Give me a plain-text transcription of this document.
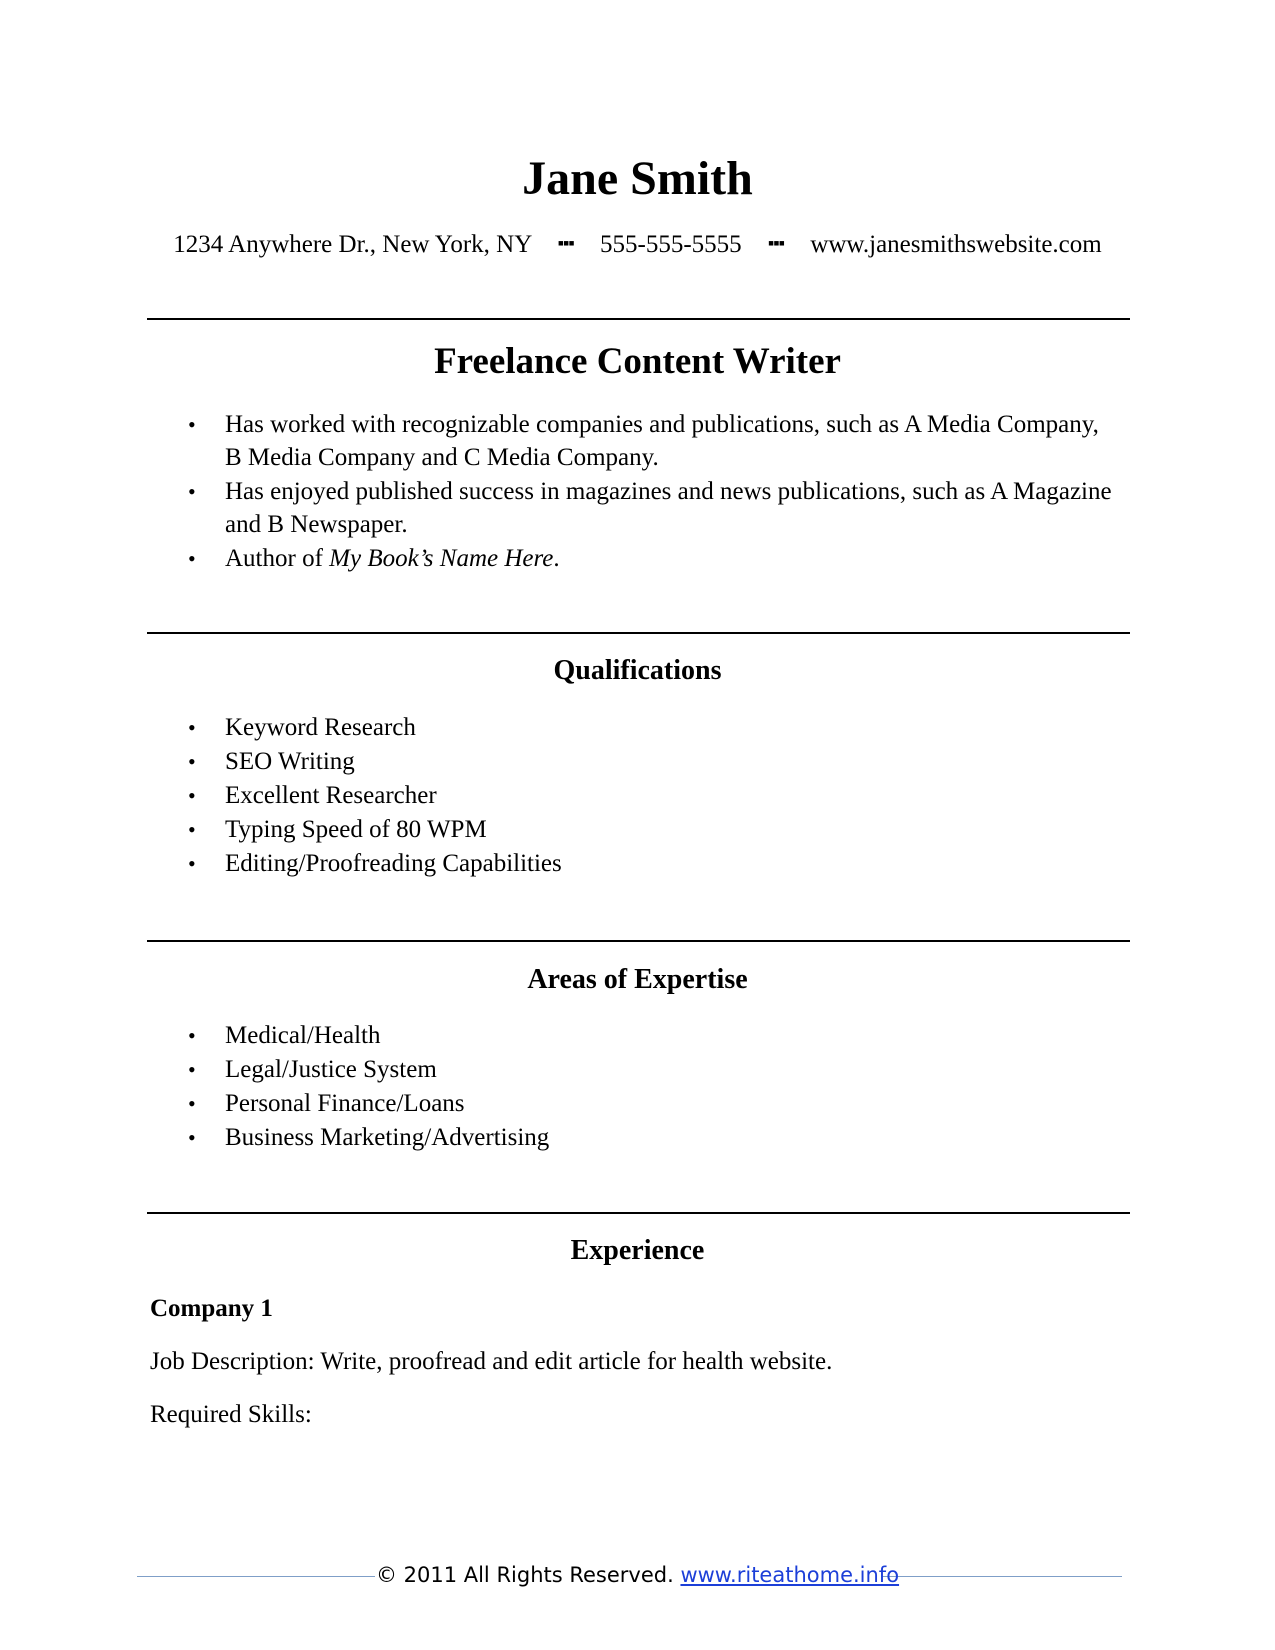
Jane Smith
1234 Anywhere Dr., New York, NY ▪▪▪ 555-555-5555 ▪▪▪ www.janesmithswebsite.com
Freelance Content Writer
• Has worked with recognizable companies and publications, such as A Media Company,
B Media Company and C Media Company.
• Has enjoyed published success in magazines and news publications, such as A Magazine
and B Newspaper.
• Author of My Book’s Name Here.
Qualifications
• Keyword Research
• SEO Writing
• Excellent Researcher
• Typing Speed of 80 WPM
• Editing/Proofreading Capabilities
Areas of Expertise
• Medical/Health
• Legal/Justice System
• Personal Finance/Loans
• Business Marketing/Advertising
Experience
Company 1
Job Description: Write, proofread and edit article for health website.
Required Skills:
© 2011 All Rights Reserved. www.riteathome.info
